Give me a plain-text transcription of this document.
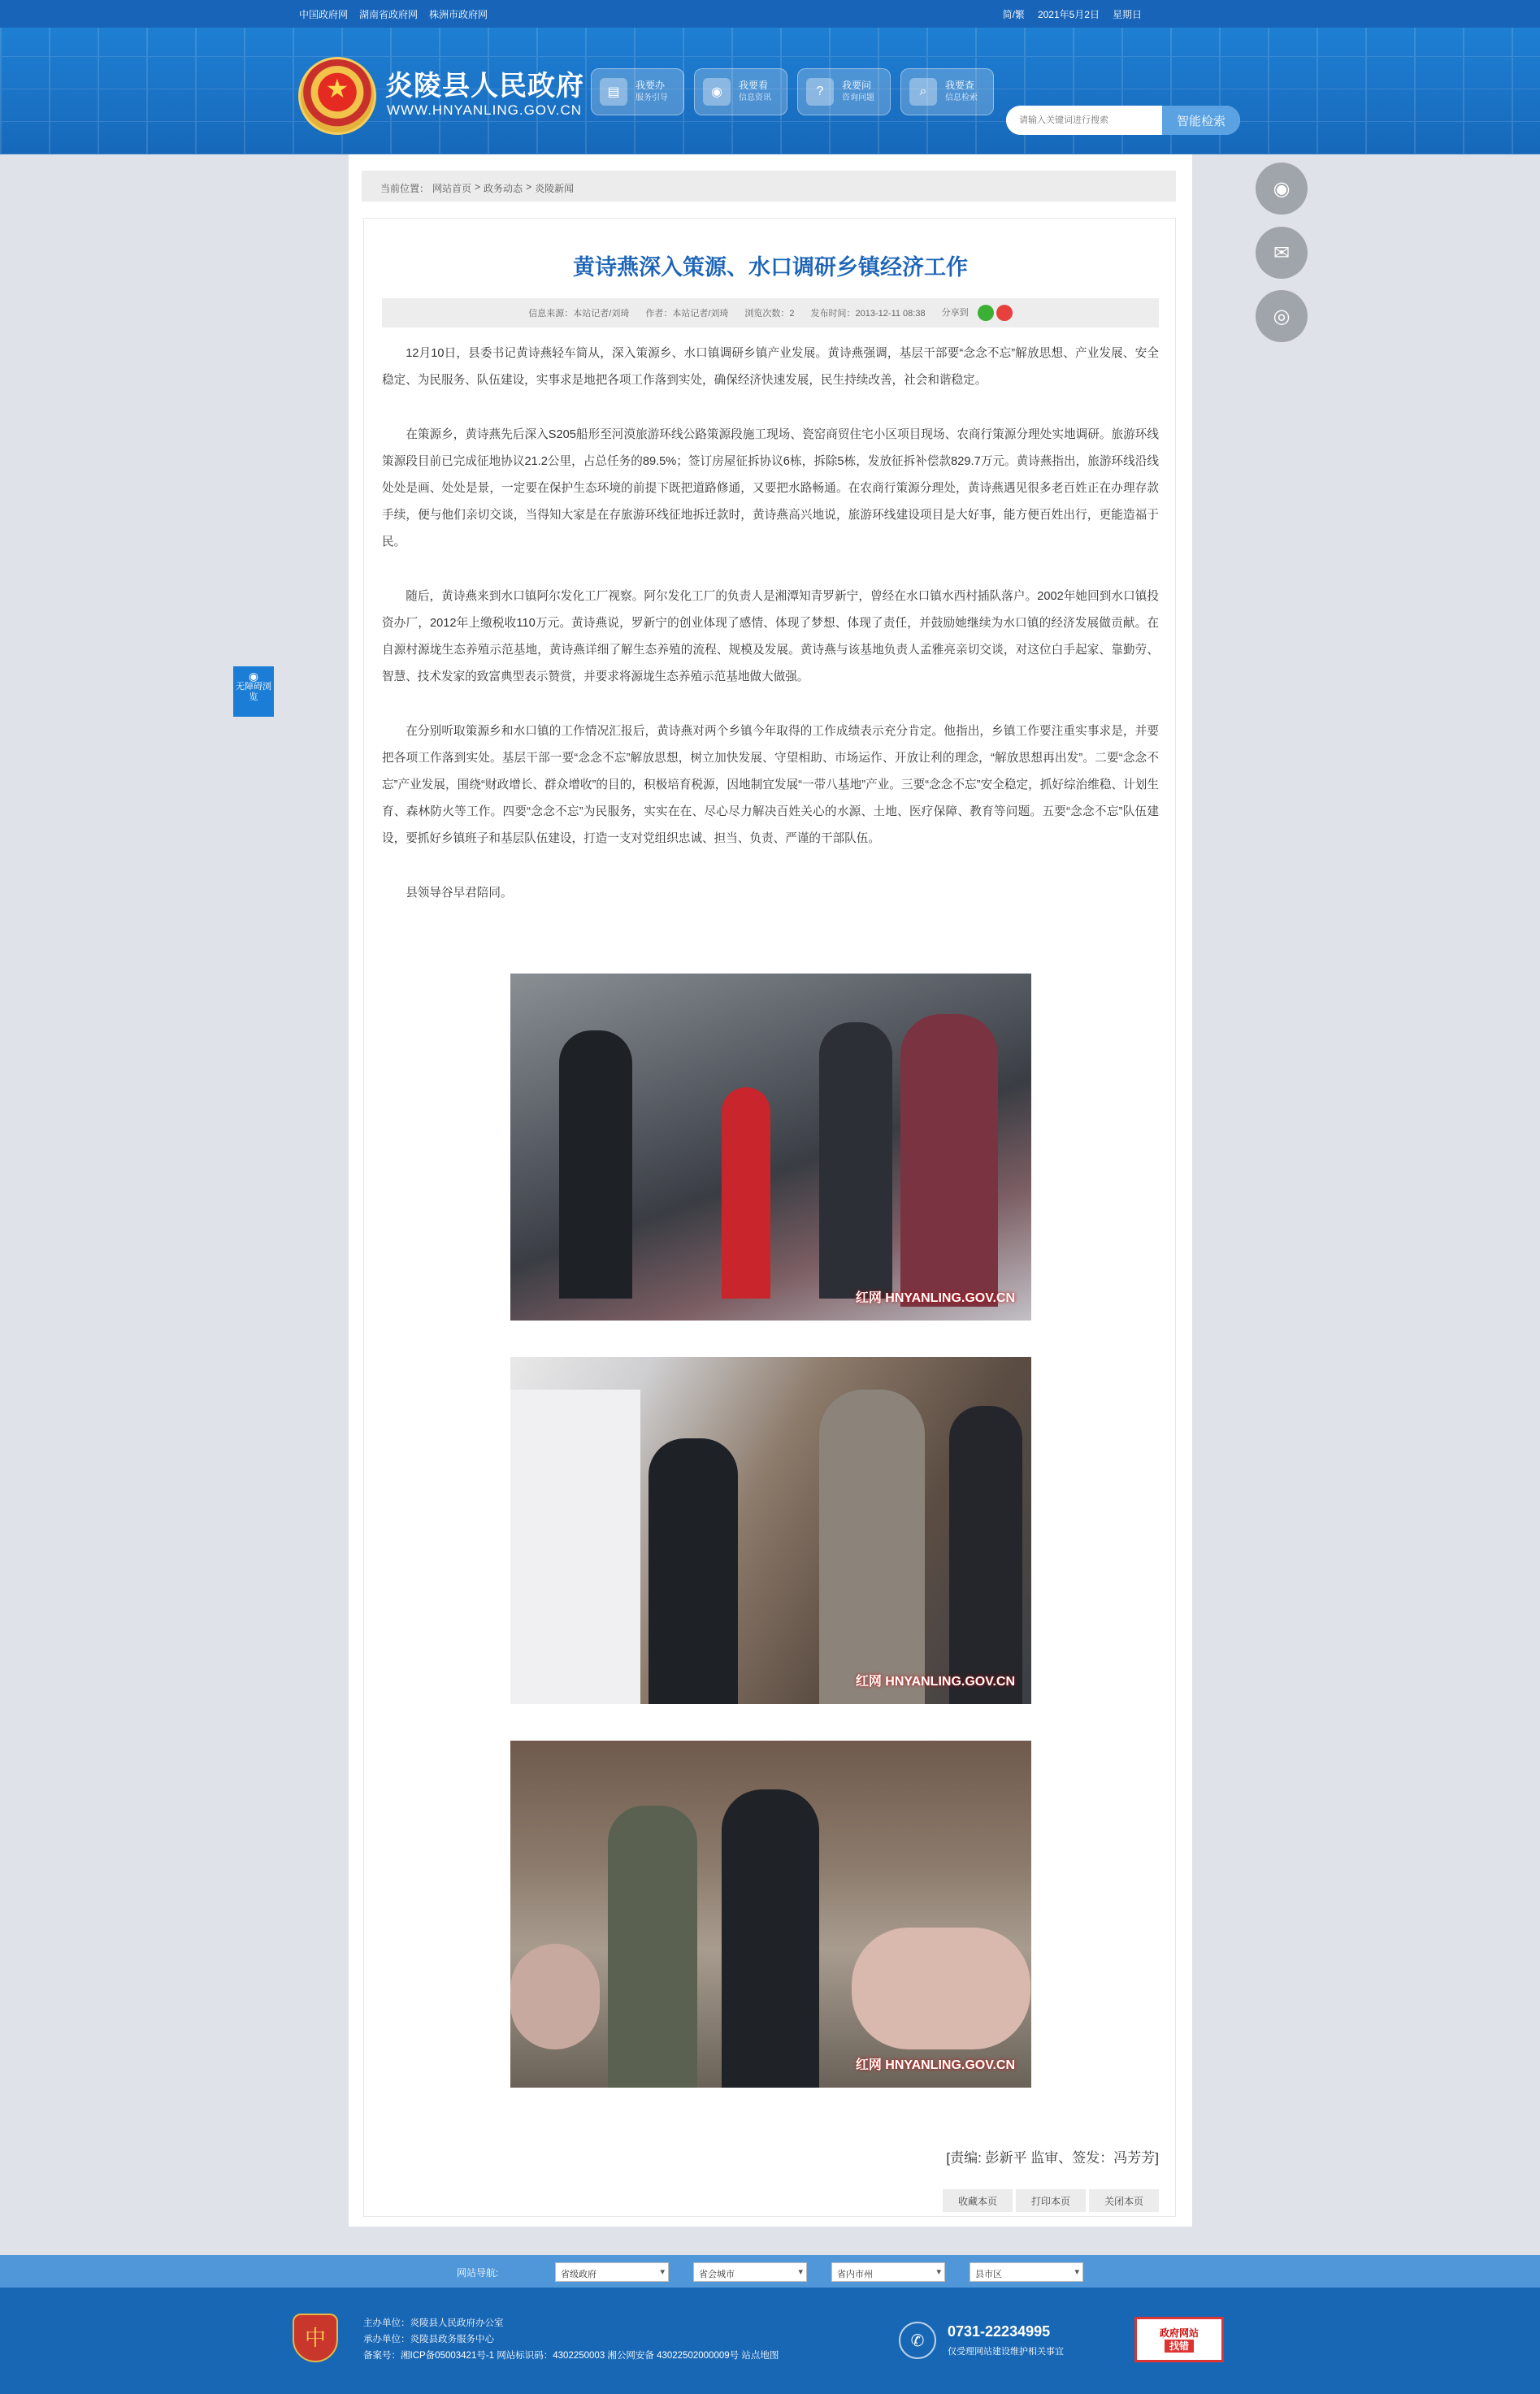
中国政府网 湖南省政府网 株洲市政府网	简/繁 2021年5月2日 星期日
★ 炎陵县人民政府
WWW.HNYANLING.GOV.CN
▤	我要办
服务引导	◉	我要看
信息资讯	?	我要问
咨询问题	⌕	我要查
信息检索
请输入关键词进行搜索
智能检索
当前位置： 网站首页 > 政务动态 > 炎陵新闻
黄诗燕深入策源、水口调研乡镇经济工作
信息来源：本站记者/刘琦 作者：本站记者/刘琦 浏览次数：2 发布时间：2013-12-11 08:38 分享到

12月10日，县委书记黄诗燕轻车简从，深入策源乡、水口镇调研乡镇产业发展。黄诗燕强调，基层干部要“念念不忘”解放思想、产业发展、安全稳定、为民服务、队伍建设，实事求是地把各项工作落到实处，确保经济快速发展，民生持续改善，社会和谐稳定。

在策源乡，黄诗燕先后深入S205船形至河漠旅游环线公路策源段施工现场、瓷窑商贸住宅小区项目现场、农商行策源分理处实地调研。旅游环线策源段目前已完成征地协议21.2公里，占总任务的89.5%；签订房屋征拆协议6栋，拆除5栋，发放征拆补偿款829.7万元。黄诗燕指出，旅游环线沿线处处是画、处处是景，一定要在保护生态环境的前提下既把道路修通，又要把水路畅通。在农商行策源分理处，黄诗燕遇见很多老百姓正在办理存款手续，便与他们亲切交谈，当得知大家是在存旅游环线征地拆迁款时，黄诗燕高兴地说，旅游环线建设项目是大好事，能方便百姓出行，更能造福于民。

随后，黄诗燕来到水口镇阿尔发化工厂视察。阿尔发化工厂的负责人是湘潭知青罗新宁，曾经在水口镇水西村插队落户。2002年她回到水口镇投资办厂，2012年上缴税收110万元。黄诗燕说，罗新宁的创业体现了感情、体现了梦想、体现了责任，并鼓励她继续为水口镇的经济发展做贡献。在自源村源垅生态养殖示范基地，黄诗燕详细了解生态养殖的流程、规模及发展。黄诗燕与该基地负责人孟雅亮亲切交谈，对这位白手起家、靠勤劳、智慧、技术发家的致富典型表示赞赏，并要求将源垅生态养殖示范基地做大做强。

在分别听取策源乡和水口镇的工作情况汇报后，黄诗燕对两个乡镇今年取得的工作成绩表示充分肯定。他指出，乡镇工作要注重实事求是，并要把各项工作落到实处。基层干部一要“念念不忘”解放思想，树立加快发展、守望相助、市场运作、开放让利的理念，“解放思想再出发”。二要“念念不忘”产业发展，围绕“财政增长、群众增收”的目的，积极培育税源，因地制宜发展“一带八基地”产业。三要“念念不忘”安全稳定，抓好综治维稳、计划生育、森林防火等工作。四要“念念不忘”为民服务，实实在在、尽心尽力解决百姓关心的水源、土地、医疗保障、教育等问题。五要“念念不忘”队伍建设，要抓好乡镇班子和基层队伍建设，打造一支对党组织忠诚、担当、负责、严谨的干部队伍。

县领导谷早君陪同。

红网 HNYANLING.GOV.CN
红网 HNYANLING.GOV.CN
红网 HNYANLING.GOV.CN
[责编: 彭新平 监审、签发：冯芳芳]
收藏本页	打印本页	关闭本页
◉
✉
◎
◉
无障碍浏览
网站导航:	省级政府 ▾	省会城市 ▾	省内市州 ▾	县市区 ▾
中
主办单位：炎陵县人民政府办公室
承办单位：炎陵县政务服务中心
备案号：湘ICP备05003421号-1 网站标识码：4302250003 湘公网安备 43022502000009号 站点地图
✆
0731-22234995
仅受理网站建设维护相关事宜
政府网站
找错
